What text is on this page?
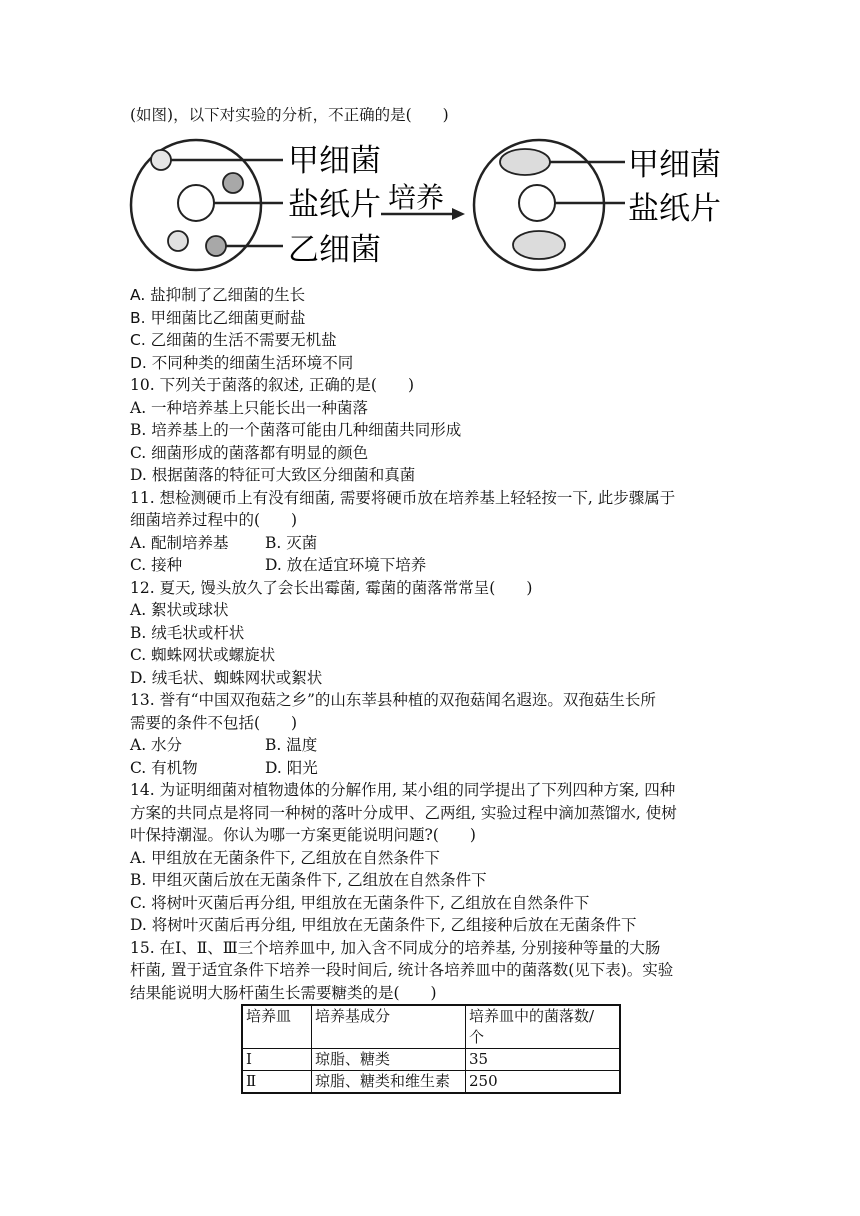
(如图)，以下对实验的分析，不正确的是(　　)
甲细菌
盐纸片
乙细菌
培养
甲细菌
盐纸片
A. 盐抑制了乙细菌的生长
B. 甲细菌比乙细菌更耐盐
C. 乙细菌的生活不需要无机盐
D. 不同种类的细菌生活环境不同
10. 下列关于菌落的叙述, 正确的是(　　)
A. 一种培养基上只能长出一种菌落
B. 培养基上的一个菌落可能由几种细菌共同形成
C. 细菌形成的菌落都有明显的颜色
D. 根据菌落的特征可大致区分细菌和真菌
11. 想检测硬币上有没有细菌, 需要将硬币放在培养基上轻轻按一下, 此步骤属于
细菌培养过程中的(　　)
A. 配制培养基 B. 灭菌
C. 接种	D. 放在适宜环境下培养
12. 夏天, 馒头放久了会长出霉菌, 霉菌的菌落常常呈(　　)
A. 絮状或球状
B. 绒毛状或杆状
C. 蜘蛛网状或螺旋状
D. 绒毛状、蜘蛛网状或絮状
13. 誉有“中国双孢菇之乡”的山东莘县种植的双孢菇闻名遐迩。双孢菇生长所
需要的条件不包括(　　)
A. 水分	B. 温度
C. 有机物	D. 阳光
14. 为证明细菌对植物遗体的分解作用, 某小组的同学提出了下列四种方案, 四种
方案的共同点是将同一种树的落叶分成甲、乙两组, 实验过程中滴加蒸馏水, 使树
叶保持潮湿。你认为哪一方案更能说明问题?(　　)
A. 甲组放在无菌条件下, 乙组放在自然条件下
B. 甲组灭菌后放在无菌条件下, 乙组放在自然条件下
C. 将树叶灭菌后再分组, 甲组放在无菌条件下, 乙组放在自然条件下
D. 将树叶灭菌后再分组, 甲组放在无菌条件下, 乙组接种后放在无菌条件下
15. 在Ⅰ、Ⅱ、Ⅲ三个培养皿中, 加入含不同成分的培养基, 分别接种等量的大肠
杆菌, 置于适宜条件下培养一段时间后, 统计各培养皿中的菌落数(见下表)。实验
结果能说明大肠杆菌生长需要糖类的是(　　)
培养皿	培养基成分	培养皿中的菌落数/
个
Ⅰ	琼脂、糖类	35
Ⅱ	琼脂、糖类和维生素	250
